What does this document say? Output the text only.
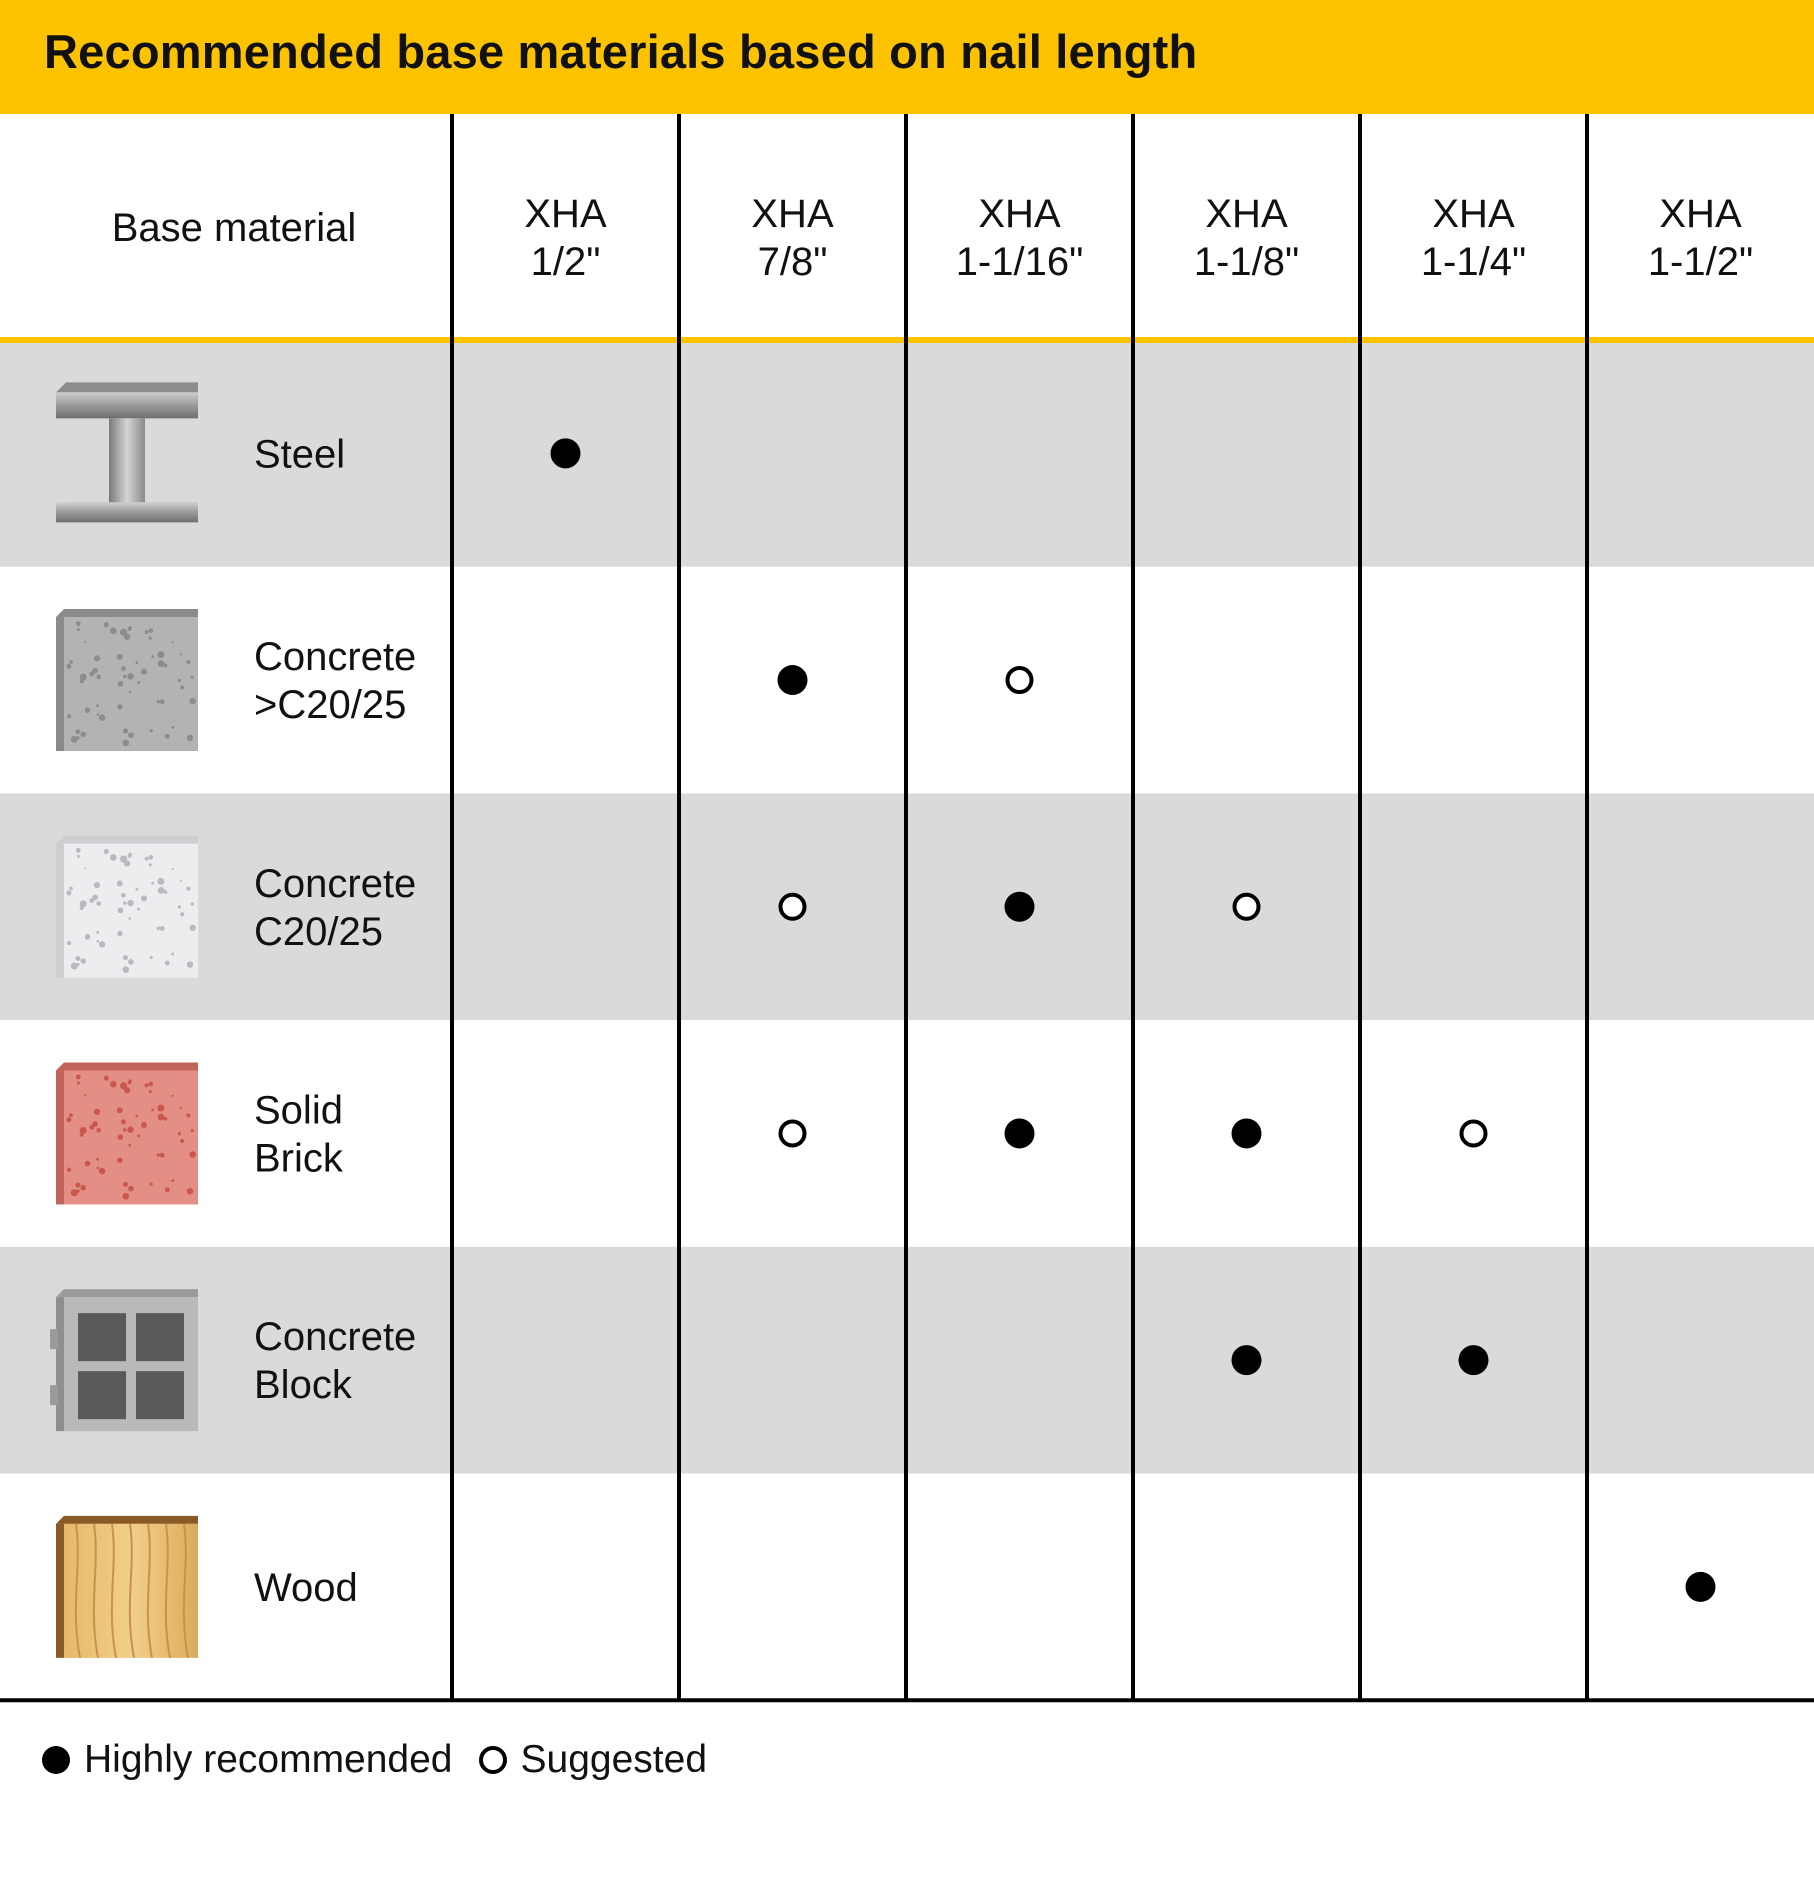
Recommended base materials based on nail length
Base material	XHA 1/2"
XHA 7/8"
XHA 1-1/16"
XHA 1-1/8"
XHA 1-1/4"
XHA 1-1/2"
Steel
Concrete >C20/25
Concrete C20/25
Solid Brick
Concrete Block
Wood
Highly recommended Suggested
